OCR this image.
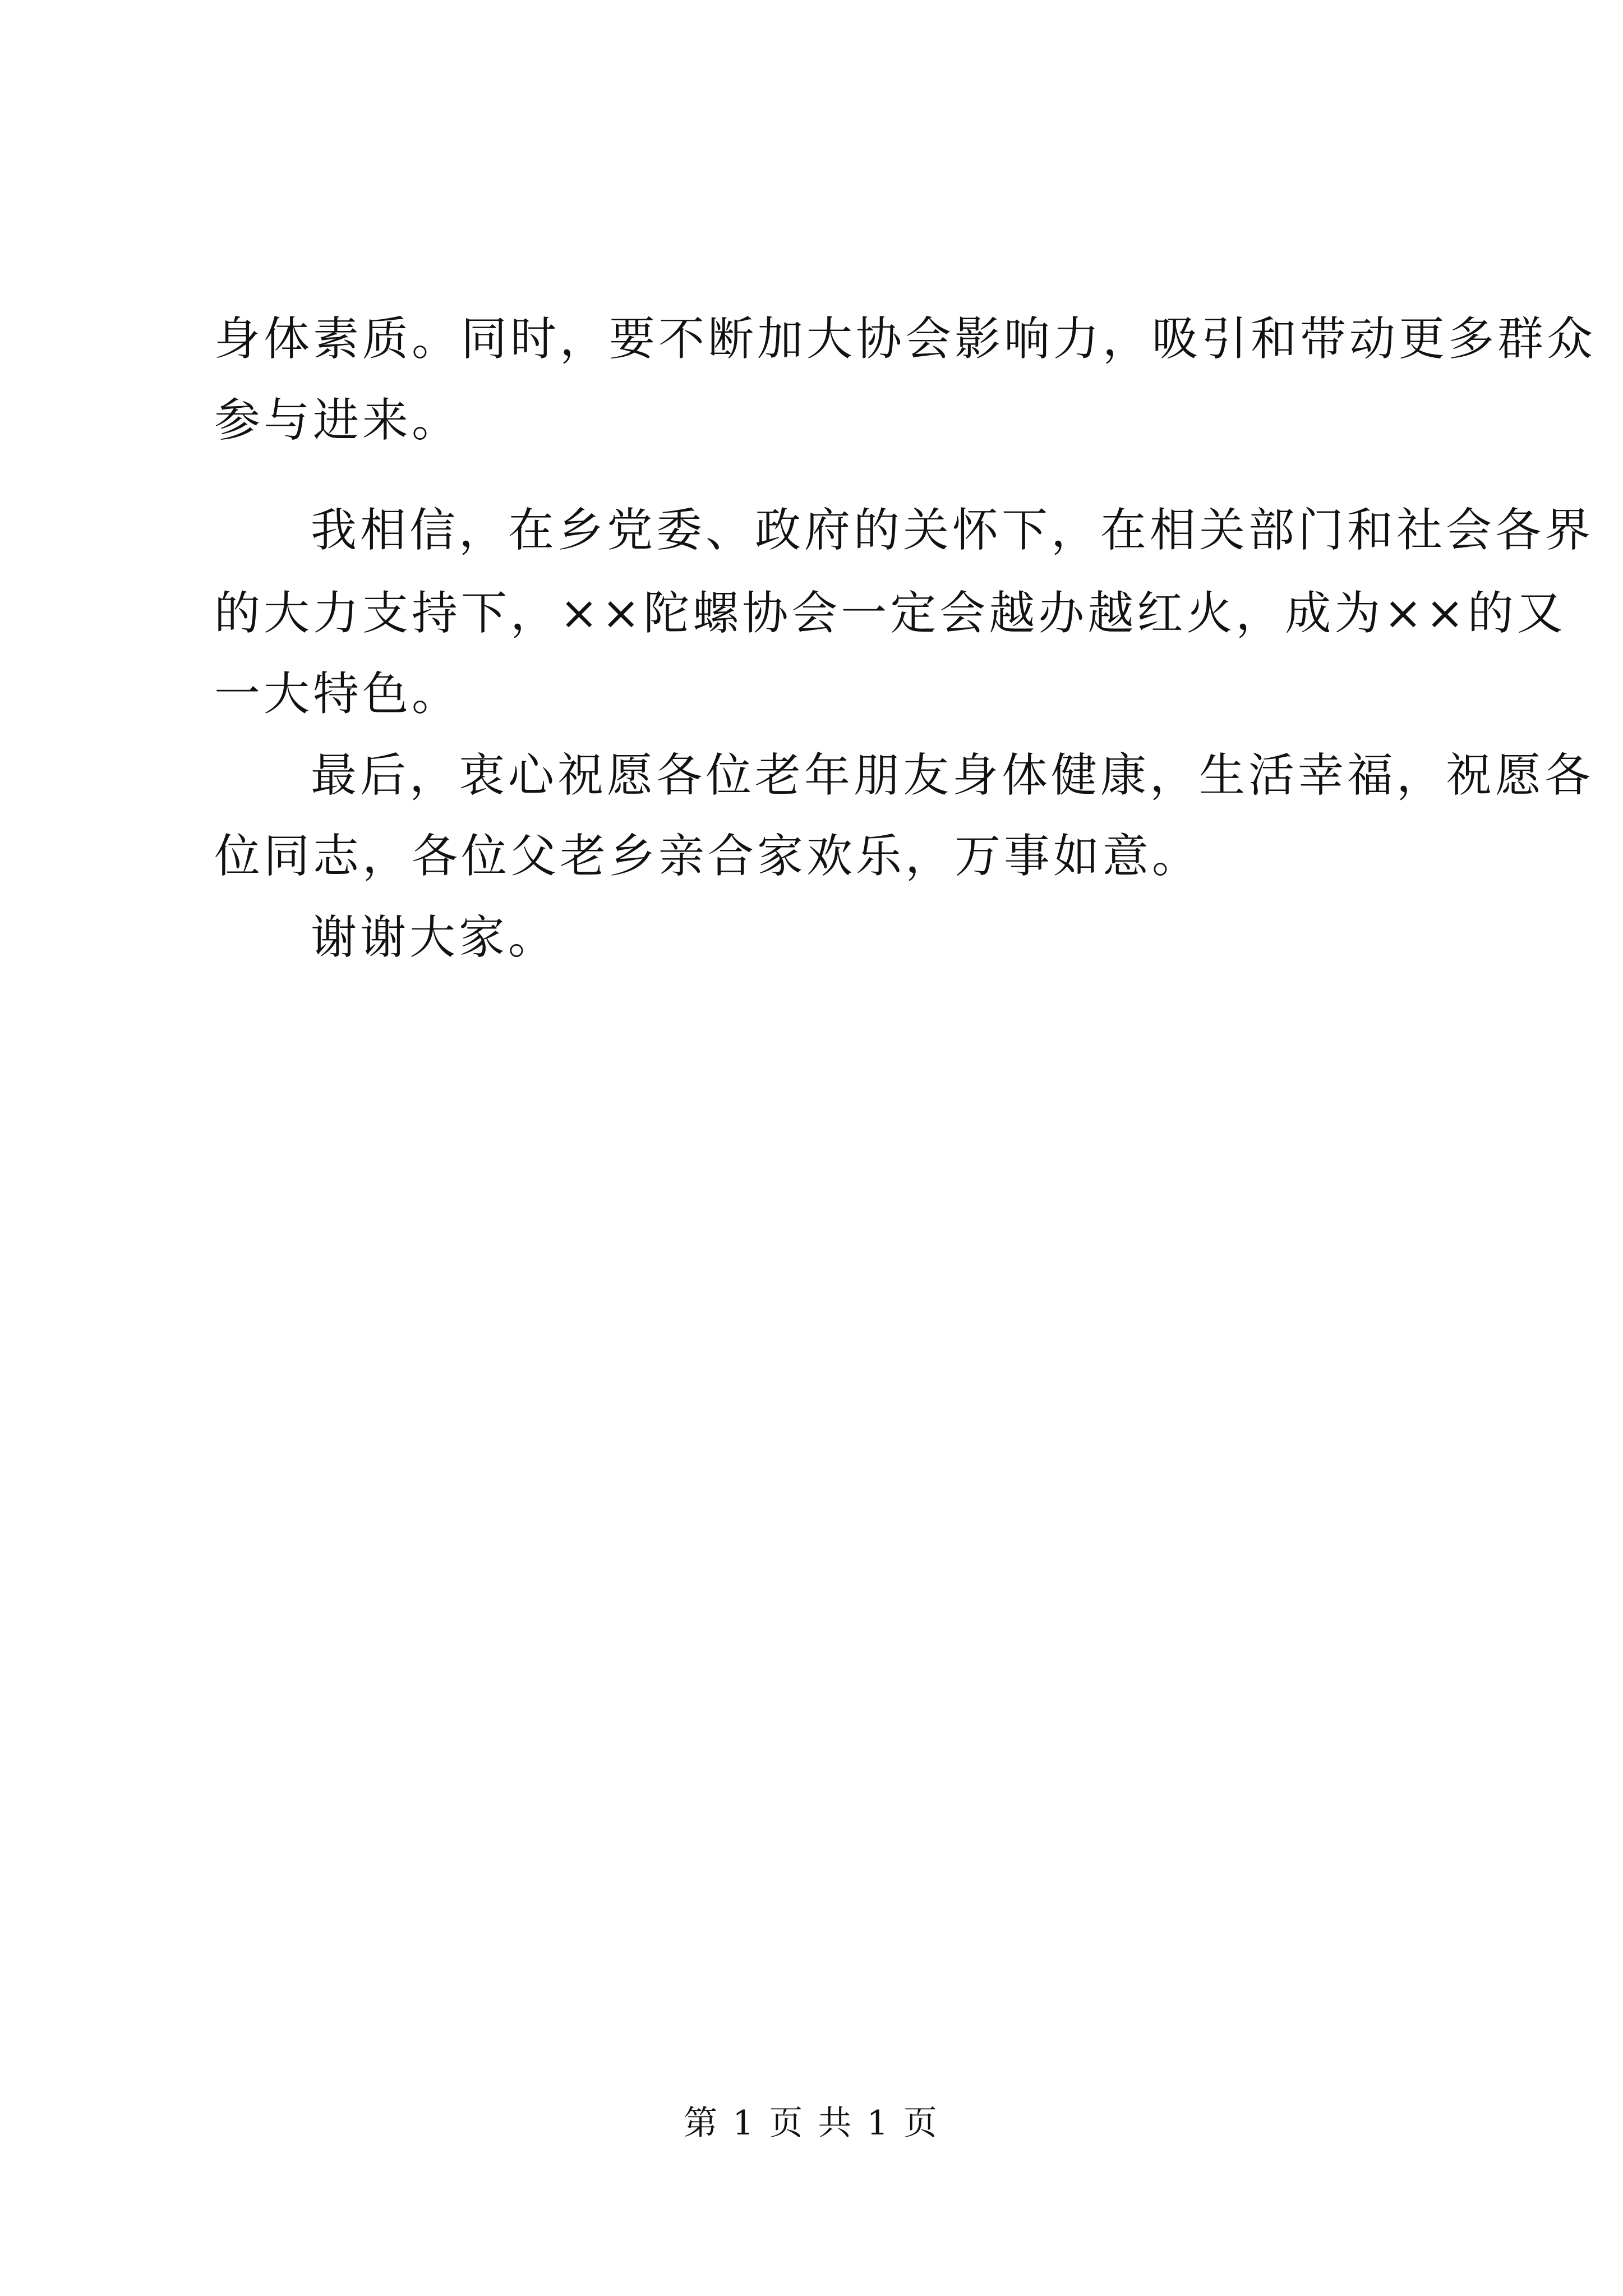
身体素质。同时，要不断加大协会影响力，吸引和带动更多群众
参与进来。
我相信，在乡党委、政府的关怀下，在相关部门和社会各界
的大力支持下，××陀螺协会一定会越办越红火，成为××的又
一大特色。
最后，衷心祝愿各位老年朋友身体健康，生活幸福，祝愿各
位同志，各位父老乡亲合家欢乐，万事如意。
谢谢大家。
第 1 页 共 1 页
